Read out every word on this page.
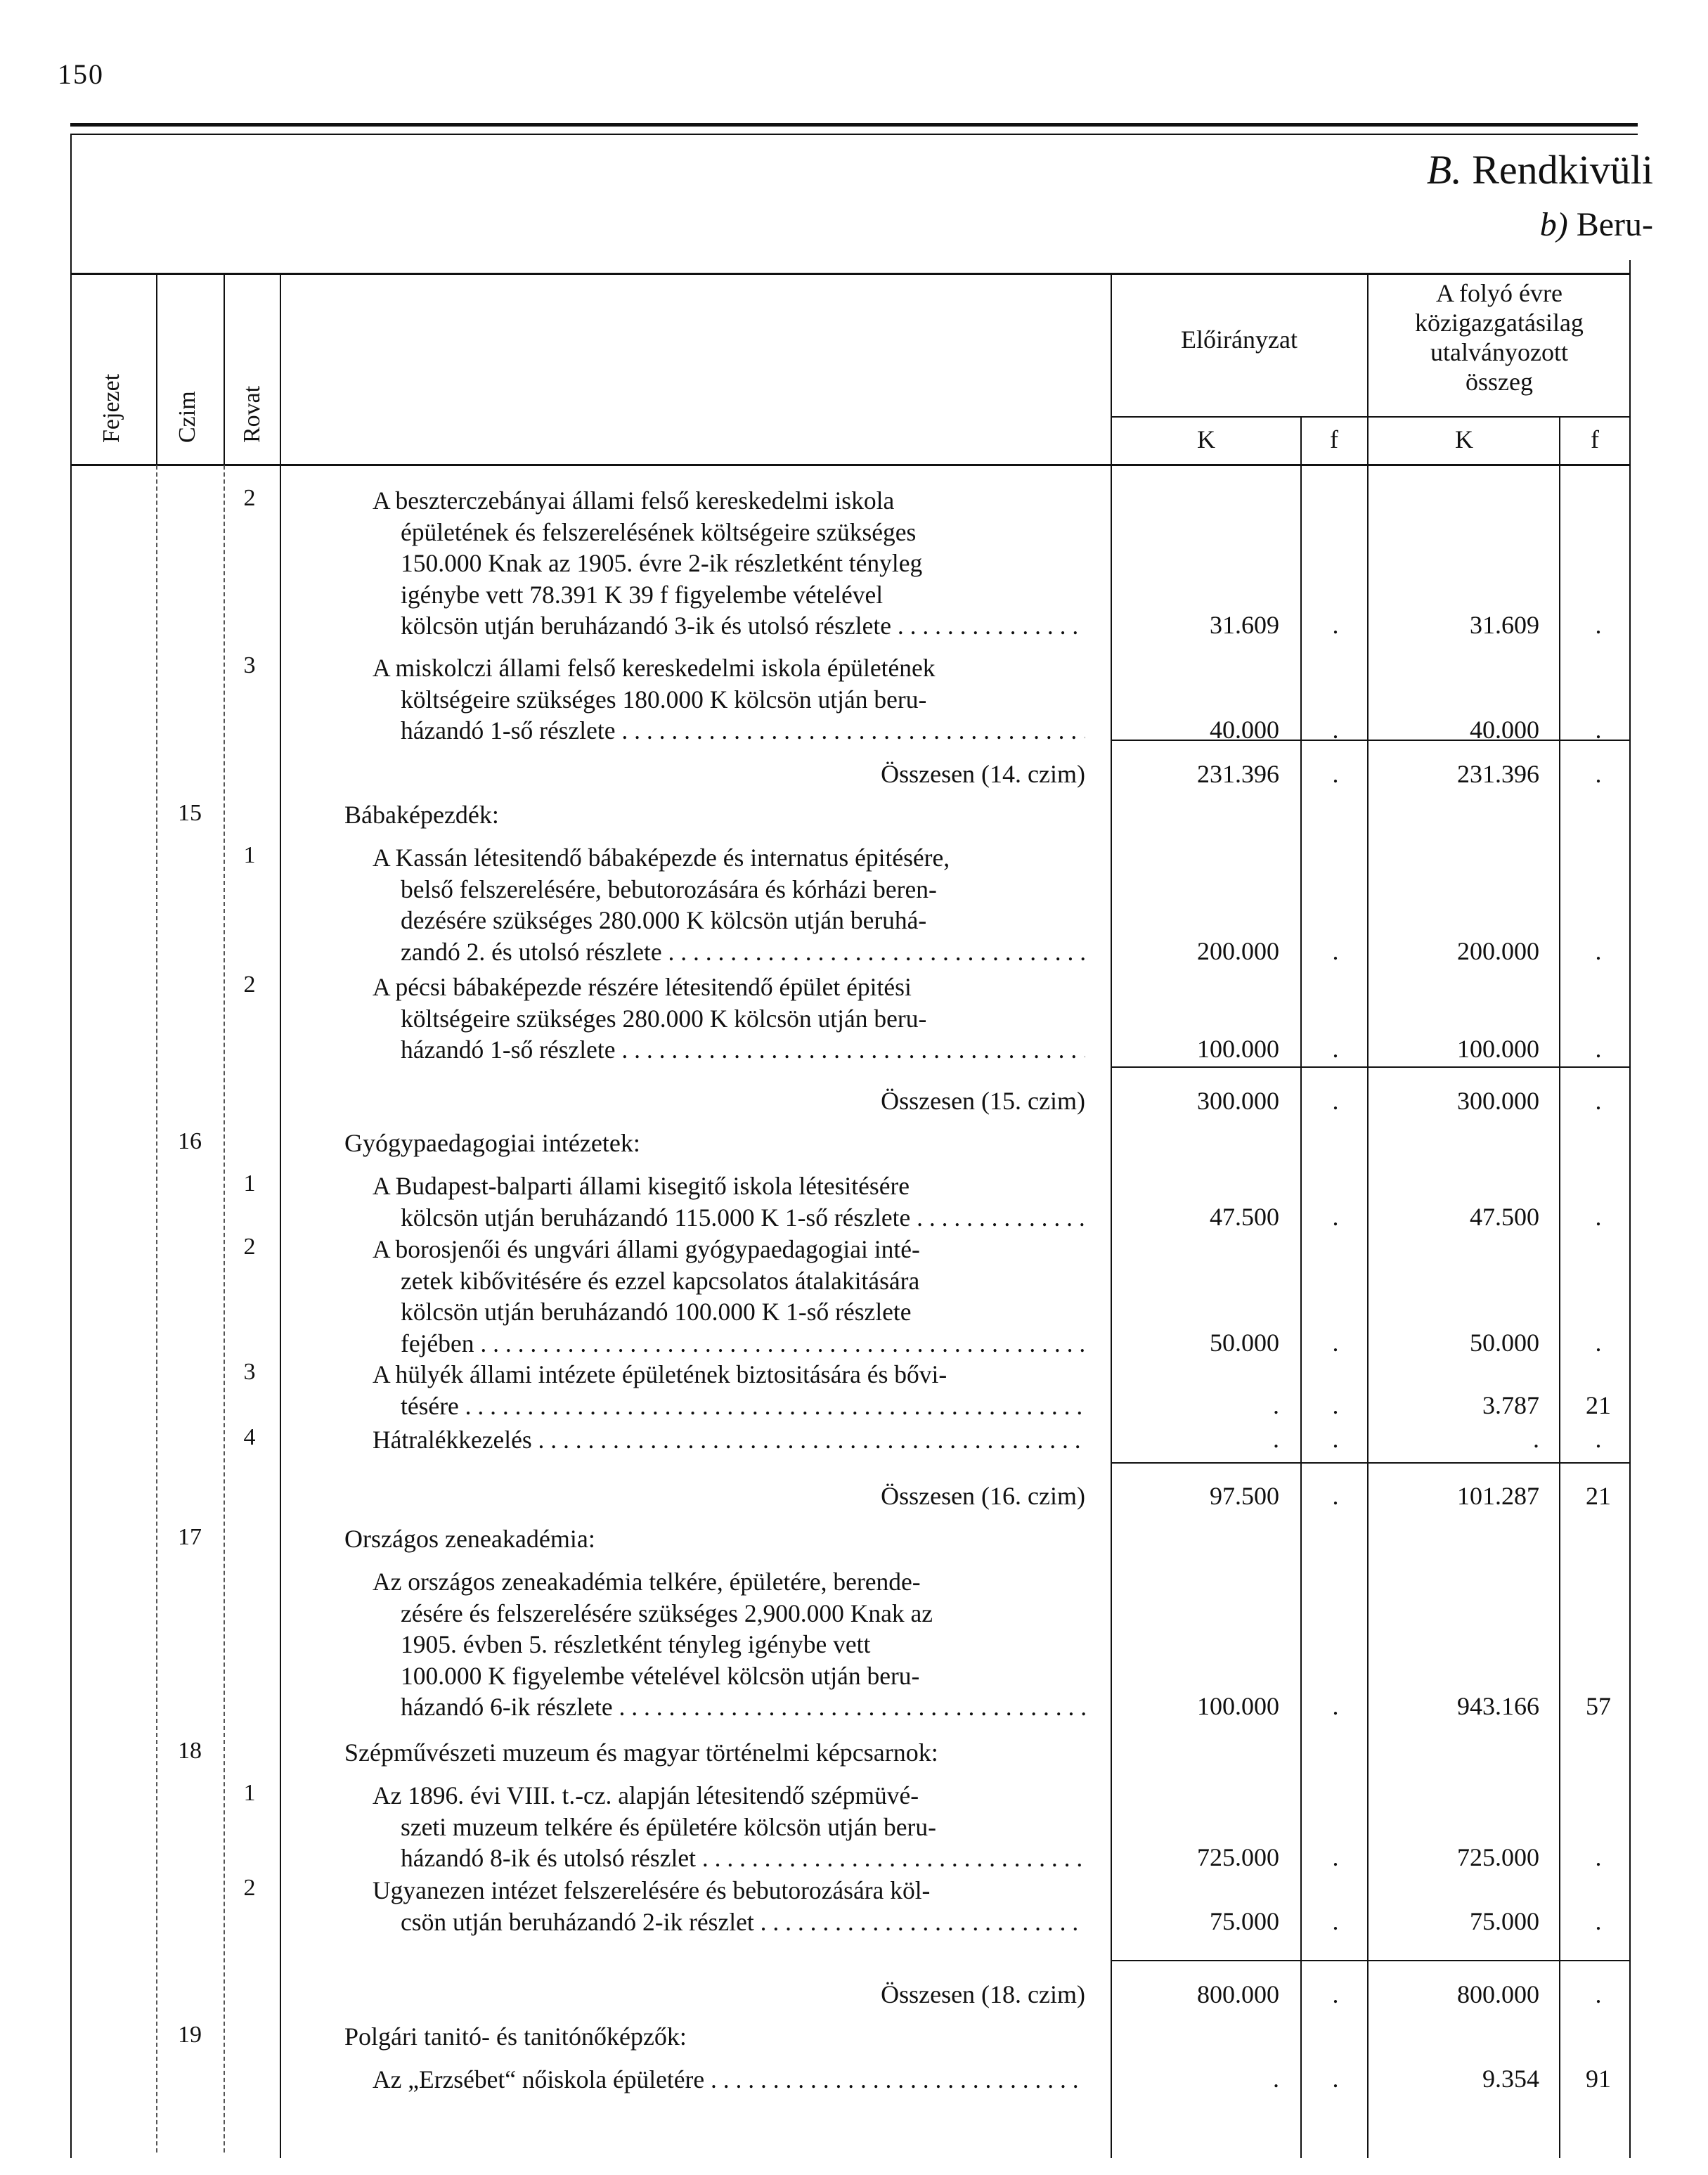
150
B. Rendkivüli
b) Beru-
Fejezet Czim Rovat
Előirányzat
A folyó évre
közigazgatásilag
utalványozott
összeg
K	f	K	f
2	A beszterczebányai állami felső kereskedelmi iskola
épületének és felszerelésének költségeire szükséges
150.000 Knak az 1905. évre 2-ik részletként tényleg
igénybe vett 78.391 K 39 f figyelembe vételével
kölcsön utján beruházandó 3-ik és utolsó részlete . . . .	31.609	.	31.609	.
3	A miskolczi állami felső kereskedelmi iskola épületének
költségeire szükséges 180.000 K kölcsön utján beru-
házandó 1-ső részlete . . .	40.000	.	40.000	.
Összesen (14. czim)	231.396	.	231.396	.
15	Bábaképezdék:
1	A Kassán létesitendő bábaképezde és internatus épitésére,
belső felszerelésére, bebutorozására és kórházi beren-
dezésére szükséges 280.000 K kölcsön utján beruhá-
zandó 2. és utolsó részlete . . .	200.000	.	200.000	.
2	A pécsi bábaképezde részére létesitendő épület épitési
költségeire szükséges 280.000 K kölcsön utján beru-
házandó 1-ső részlete . . .	100.000	.	100.000	.
Összesen (15. czim)	300.000	.	300.000	.
16	Gyógypaedagogiai intézetek:
1	A Budapest-balparti állami kisegitő iskola létesitésére
kölcsön utján beruházandó 115.000 K 1-ső részlete . . .	47.500	.	47.500	.
2	A borosjenői és ungvári állami gyógypaedagogiai inté-
zetek kibővitésére és ezzel kapcsolatos átalakitására
kölcsön utján beruházandó 100.000 K 1-ső részlete
fejében . . .	50.000	.	50.000	.
3	A hülyék állami intézete épületének biztositására és bővi-
tésére . . .	.	.	3.787	21
4	Hátralékkezelés . . .	.	.	.	.
Összesen (16. czim)	97.500	.	101.287	21
17	Országos zeneakadémia:
Az országos zeneakadémia telkére, épületére, berende-
zésére és felszerelésére szükséges 2,900.000 Knak az
1905. évben 5. részletként tényleg igénybe vett
100.000 K figyelembe vételével kölcsön utján beru-
házandó 6-ik részlete . . .	100.000	.	943.166	57
18	Szépművészeti muzeum és magyar történelmi képcsarnok:
1	Az 1896. évi VIII. t.-cz. alapján létesitendő szépmüvé-
szeti muzeum telkére és épületére kölcsön utján beru-
házandó 8-ik és utolsó részlet . . .	725.000	.	725.000	.
2	Ugyanezen intézet felszerelésére és bebutorozására köl-
csön utján beruházandó 2-ik részlet . . .	75.000	.	75.000	.
Összesen (18. czim)	800.000	.	800.000	.
19	Polgári tanitó- és tanitónőképzők:
Az „Erzsébet“ nőiskola épületére . . .	.	.	9.354	91
